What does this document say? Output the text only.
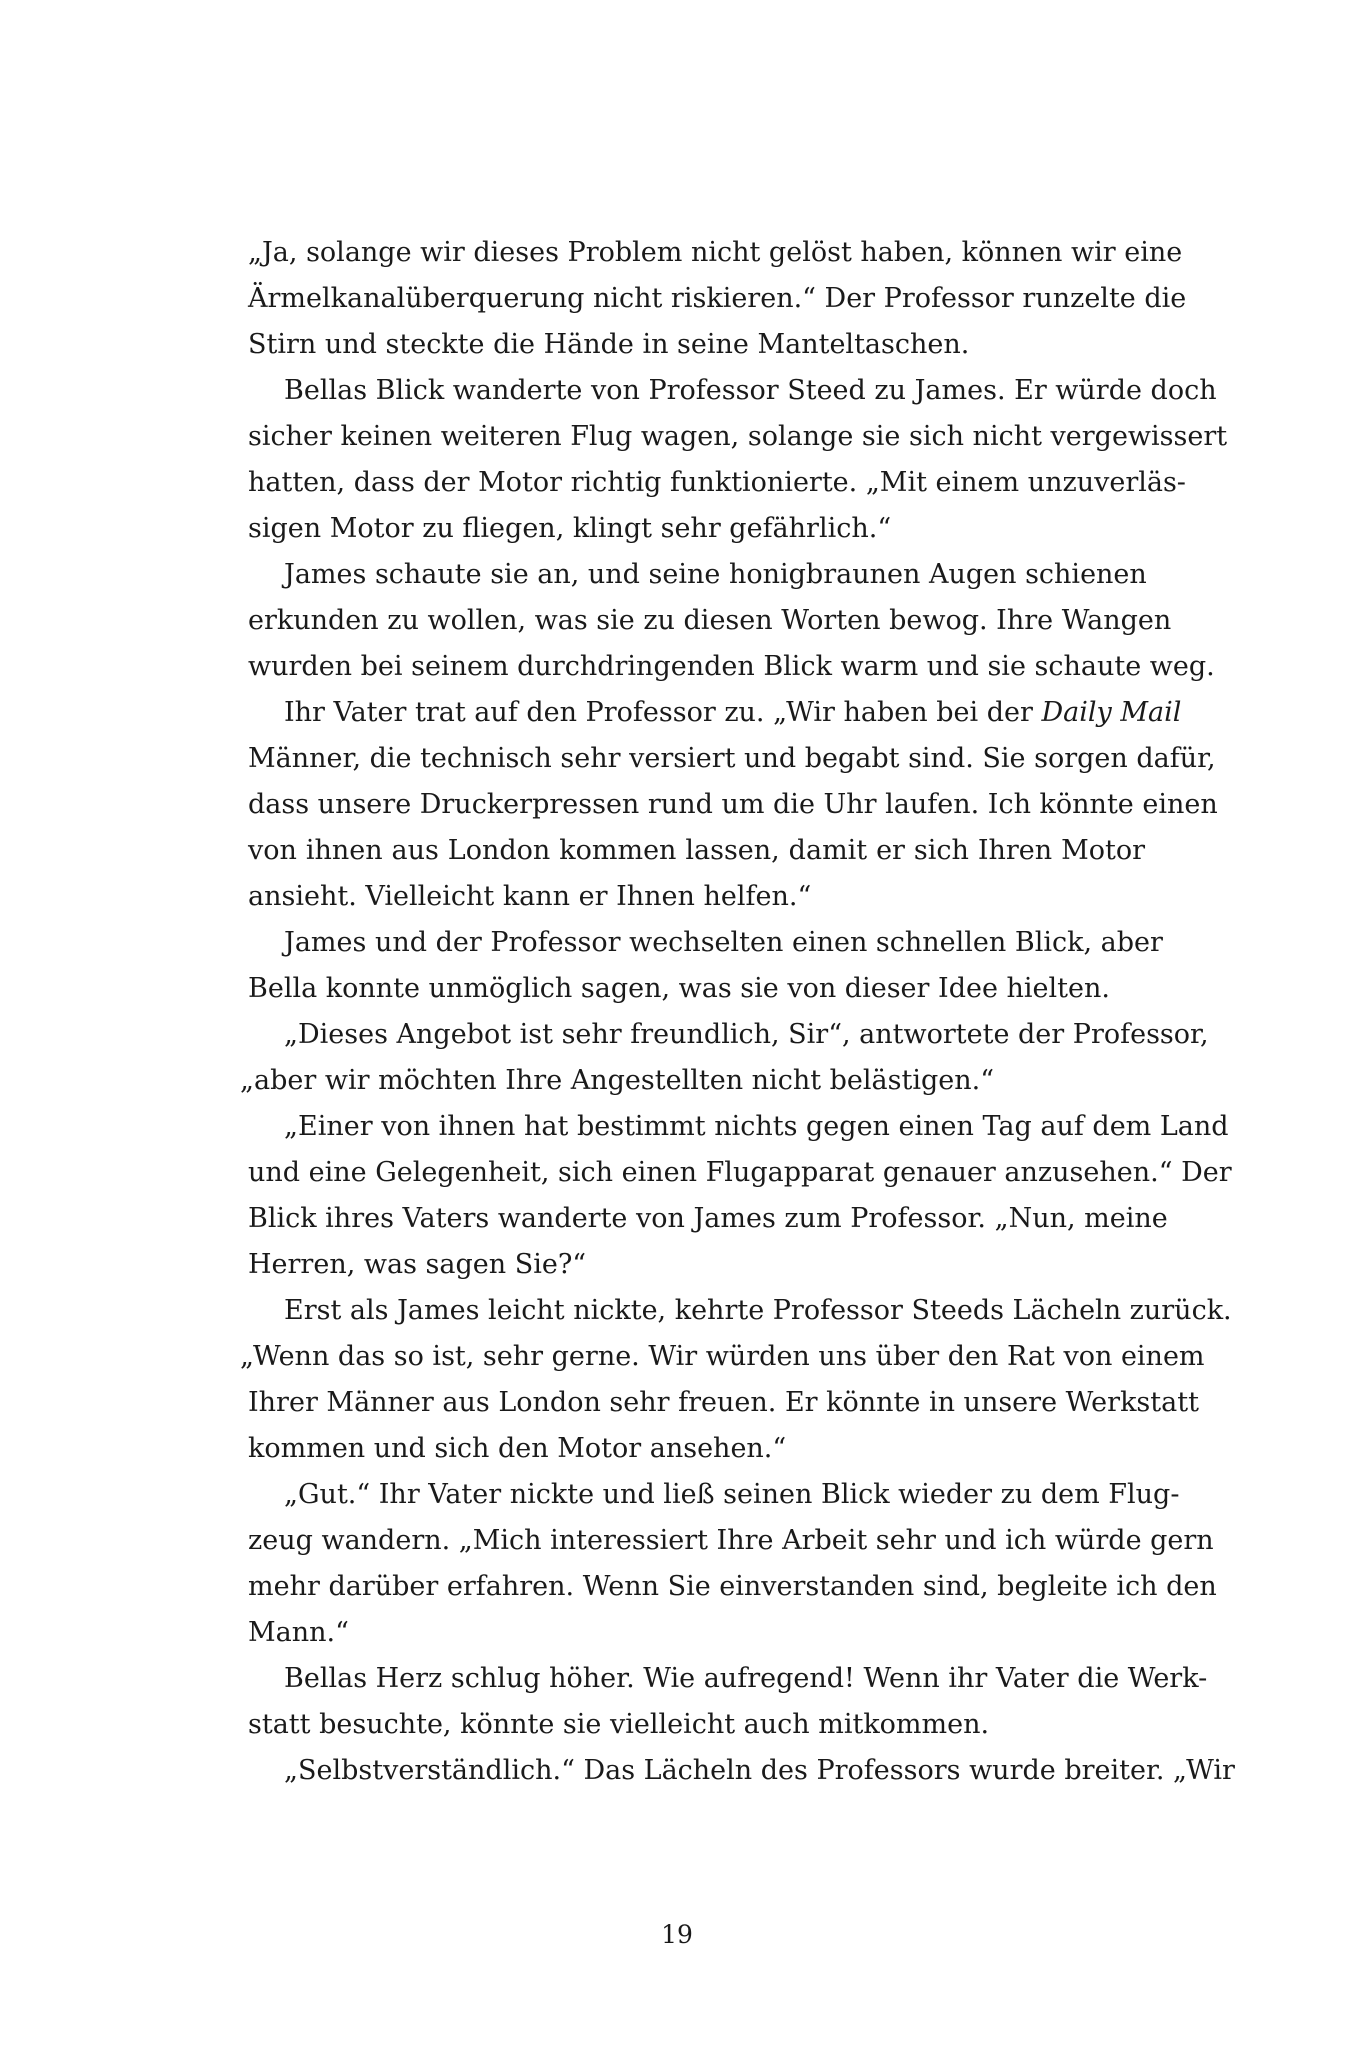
„Ja, solange wir dieses Problem nicht gelöst haben, können wir eine
Ärmelkanalüberquerung nicht riskieren.“ Der Professor runzelte die
Stirn und steckte die Hände in seine Manteltaschen.
Bellas Blick wanderte von Professor Steed zu James. Er würde doch
sicher keinen weiteren Flug wagen, solange sie sich nicht vergewissert
hatten, dass der Motor richtig funktionierte. „Mit einem unzuverläs-
sigen Motor zu fliegen, klingt sehr gefährlich.“
James schaute sie an, und seine honigbraunen Augen schienen
erkunden zu wollen, was sie zu diesen Worten bewog. Ihre Wangen
wurden bei seinem durchdringenden Blick warm und sie schaute weg.
Ihr Vater trat auf den Professor zu. „Wir haben bei der Daily Mail
Männer, die technisch sehr versiert und begabt sind. Sie sorgen dafür,
dass unsere Druckerpressen rund um die Uhr laufen. Ich könnte einen
von ihnen aus London kommen lassen, damit er sich Ihren Motor
ansieht. Vielleicht kann er Ihnen helfen.“
James und der Professor wechselten einen schnellen Blick, aber
Bella konnte unmöglich sagen, was sie von dieser Idee hielten.
„Dieses Angebot ist sehr freundlich, Sir“, antwortete der Professor,
„aber wir möchten Ihre Angestellten nicht belästigen.“
„Einer von ihnen hat bestimmt nichts gegen einen Tag auf dem Land
und eine Gelegenheit, sich einen Flugapparat genauer anzusehen.“ Der
Blick ihres Vaters wanderte von James zum Professor. „Nun, meine
Herren, was sagen Sie?“
Erst als James leicht nickte, kehrte Professor Steeds Lächeln zurück.
„Wenn das so ist, sehr gerne. Wir würden uns über den Rat von einem
Ihrer Männer aus London sehr freuen. Er könnte in unsere Werkstatt
kommen und sich den Motor ansehen.“
„Gut.“ Ihr Vater nickte und ließ seinen Blick wieder zu dem Flug-
zeug wandern. „Mich interessiert Ihre Arbeit sehr und ich würde gern
mehr darüber erfahren. Wenn Sie einverstanden sind, begleite ich den
Mann.“
Bellas Herz schlug höher. Wie aufregend! Wenn ihr Vater die Werk-
statt besuchte, könnte sie vielleicht auch mitkommen.
„Selbstverständlich.“ Das Lächeln des Professors wurde breiter. „Wir
19
